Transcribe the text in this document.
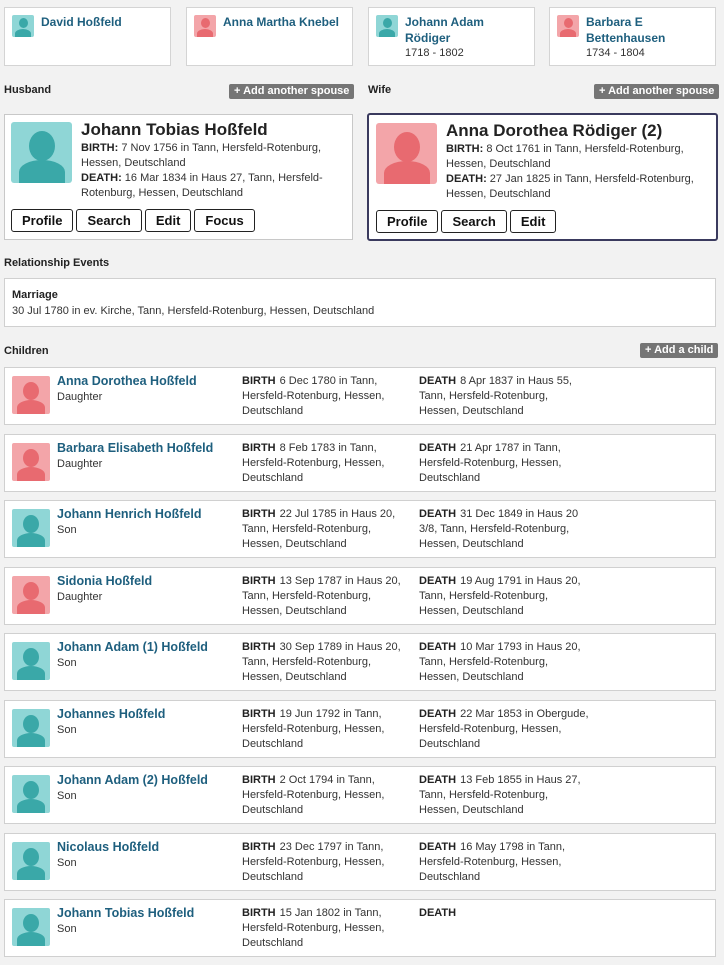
David Hoßfeld	Anna Martha Knebel	Johann Adam Rödiger
1718 - 1802
Barbara E Bettenhausen
1734 - 1804
Husband	+ Add another spouse	Wife	+ Add another spouse
Johann Tobias Hoßfeld
BIRTH: 7 Nov 1756 in Tann, Hersfeld-Rotenburg, Hessen, Deutschland
DEATH: 16 Mar 1834 in Haus 27, Tann, Hersfeld-Rotenburg, Hessen, Deutschland
Profile	Search	Edit	Focus
Anna Dorothea Rödiger (2)
BIRTH: 8 Oct 1761 in Tann, Hersfeld-Rotenburg, Hessen, Deutschland
DEATH: 27 Jan 1825 in Tann, Hersfeld-Rotenburg, Hessen, Deutschland
Profile	Search	Edit
Relationship Events
Marriage
30 Jul 1780 in ev. Kirche, Tann, Hersfeld-Rotenburg, Hessen, Deutschland
Children	+ Add a child
Anna Dorothea Hoßfeld
Daughter
BIRTH 6 Dec 1780 in Tann, Hersfeld-Rotenburg, Hessen, Deutschland
DEATH 8 Apr 1837 in Haus 55, Tann, Hersfeld-Rotenburg, Hessen, Deutschland
Barbara Elisabeth Hoßfeld
Daughter
BIRTH 8 Feb 1783 in Tann, Hersfeld-Rotenburg, Hessen, Deutschland
DEATH 21 Apr 1787 in Tann, Hersfeld-Rotenburg, Hessen, Deutschland
Johann Henrich Hoßfeld
Son
BIRTH 22 Jul 1785 in Haus 20, Tann, Hersfeld-Rotenburg, Hessen, Deutschland
DEATH 31 Dec 1849 in Haus 20 3/8, Tann, Hersfeld-Rotenburg, Hessen, Deutschland
Sidonia Hoßfeld
Daughter
BIRTH 13 Sep 1787 in Haus 20, Tann, Hersfeld-Rotenburg, Hessen, Deutschland
DEATH 19 Aug 1791 in Haus 20, Tann, Hersfeld-Rotenburg, Hessen, Deutschland
Johann Adam (1) Hoßfeld
Son
BIRTH 30 Sep 1789 in Haus 20, Tann, Hersfeld-Rotenburg, Hessen, Deutschland
DEATH 10 Mar 1793 in Haus 20, Tann, Hersfeld-Rotenburg, Hessen, Deutschland
Johannes Hoßfeld
Son
BIRTH 19 Jun 1792 in Tann, Hersfeld-Rotenburg, Hessen, Deutschland
DEATH 22 Mar 1853 in Obergude, Hersfeld-Rotenburg, Hessen, Deutschland
Johann Adam (2) Hoßfeld
Son
BIRTH 2 Oct 1794 in Tann, Hersfeld-Rotenburg, Hessen, Deutschland
DEATH 13 Feb 1855 in Haus 27, Tann, Hersfeld-Rotenburg, Hessen, Deutschland
Nicolaus Hoßfeld
Son
BIRTH 23 Dec 1797 in Tann, Hersfeld-Rotenburg, Hessen, Deutschland
DEATH 16 May 1798 in Tann, Hersfeld-Rotenburg, Hessen, Deutschland
Johann Tobias Hoßfeld
Son
BIRTH 15 Jan 1802 in Tann, Hersfeld-Rotenburg, Hessen, Deutschland
DEATH
